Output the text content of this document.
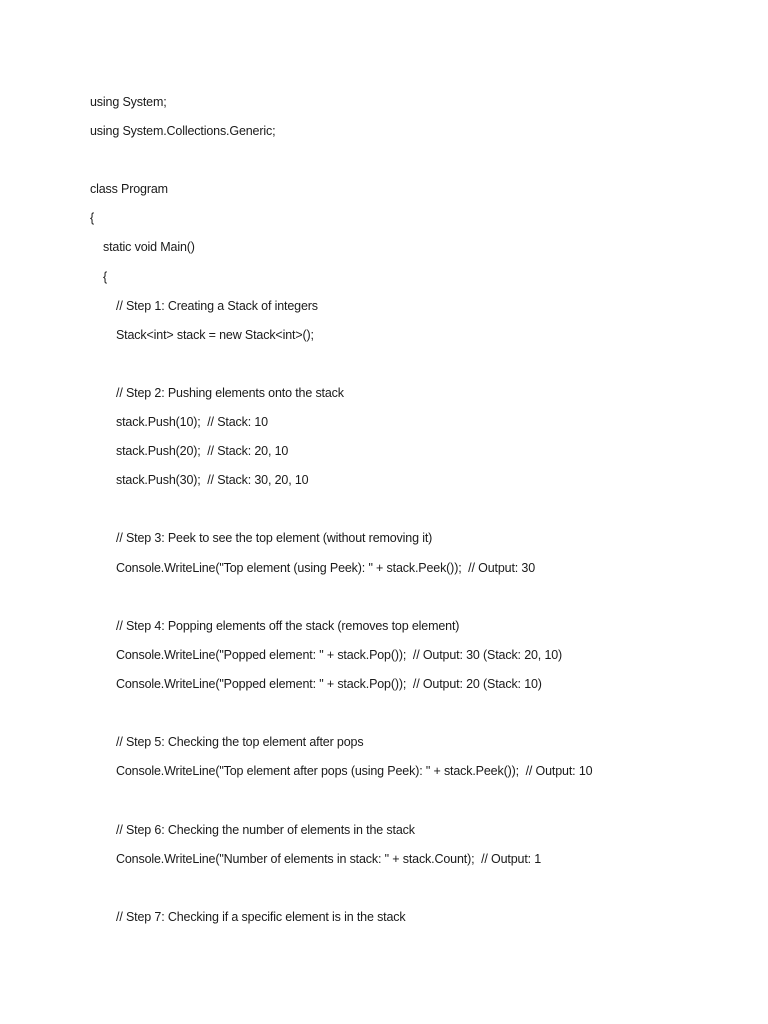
using System;

using System.Collections.Generic;

class Program

{

static void Main()

{

// Step 1: Creating a Stack of integers

Stack<int> stack = new Stack<int>();

// Step 2: Pushing elements onto the stack

stack.Push(10);  // Stack: 10

stack.Push(20);  // Stack: 20, 10

stack.Push(30);  // Stack: 30, 20, 10

// Step 3: Peek to see the top element (without removing it)

Console.WriteLine("Top element (using Peek): " + stack.Peek());  // Output: 30

// Step 4: Popping elements off the stack (removes top element)

Console.WriteLine("Popped element: " + stack.Pop());  // Output: 30 (Stack: 20, 10)

Console.WriteLine("Popped element: " + stack.Pop());  // Output: 20 (Stack: 10)

// Step 5: Checking the top element after pops

Console.WriteLine("Top element after pops (using Peek): " + stack.Peek());  // Output: 10

// Step 6: Checking the number of elements in the stack

Console.WriteLine("Number of elements in stack: " + stack.Count);  // Output: 1

// Step 7: Checking if a specific element is in the stack
